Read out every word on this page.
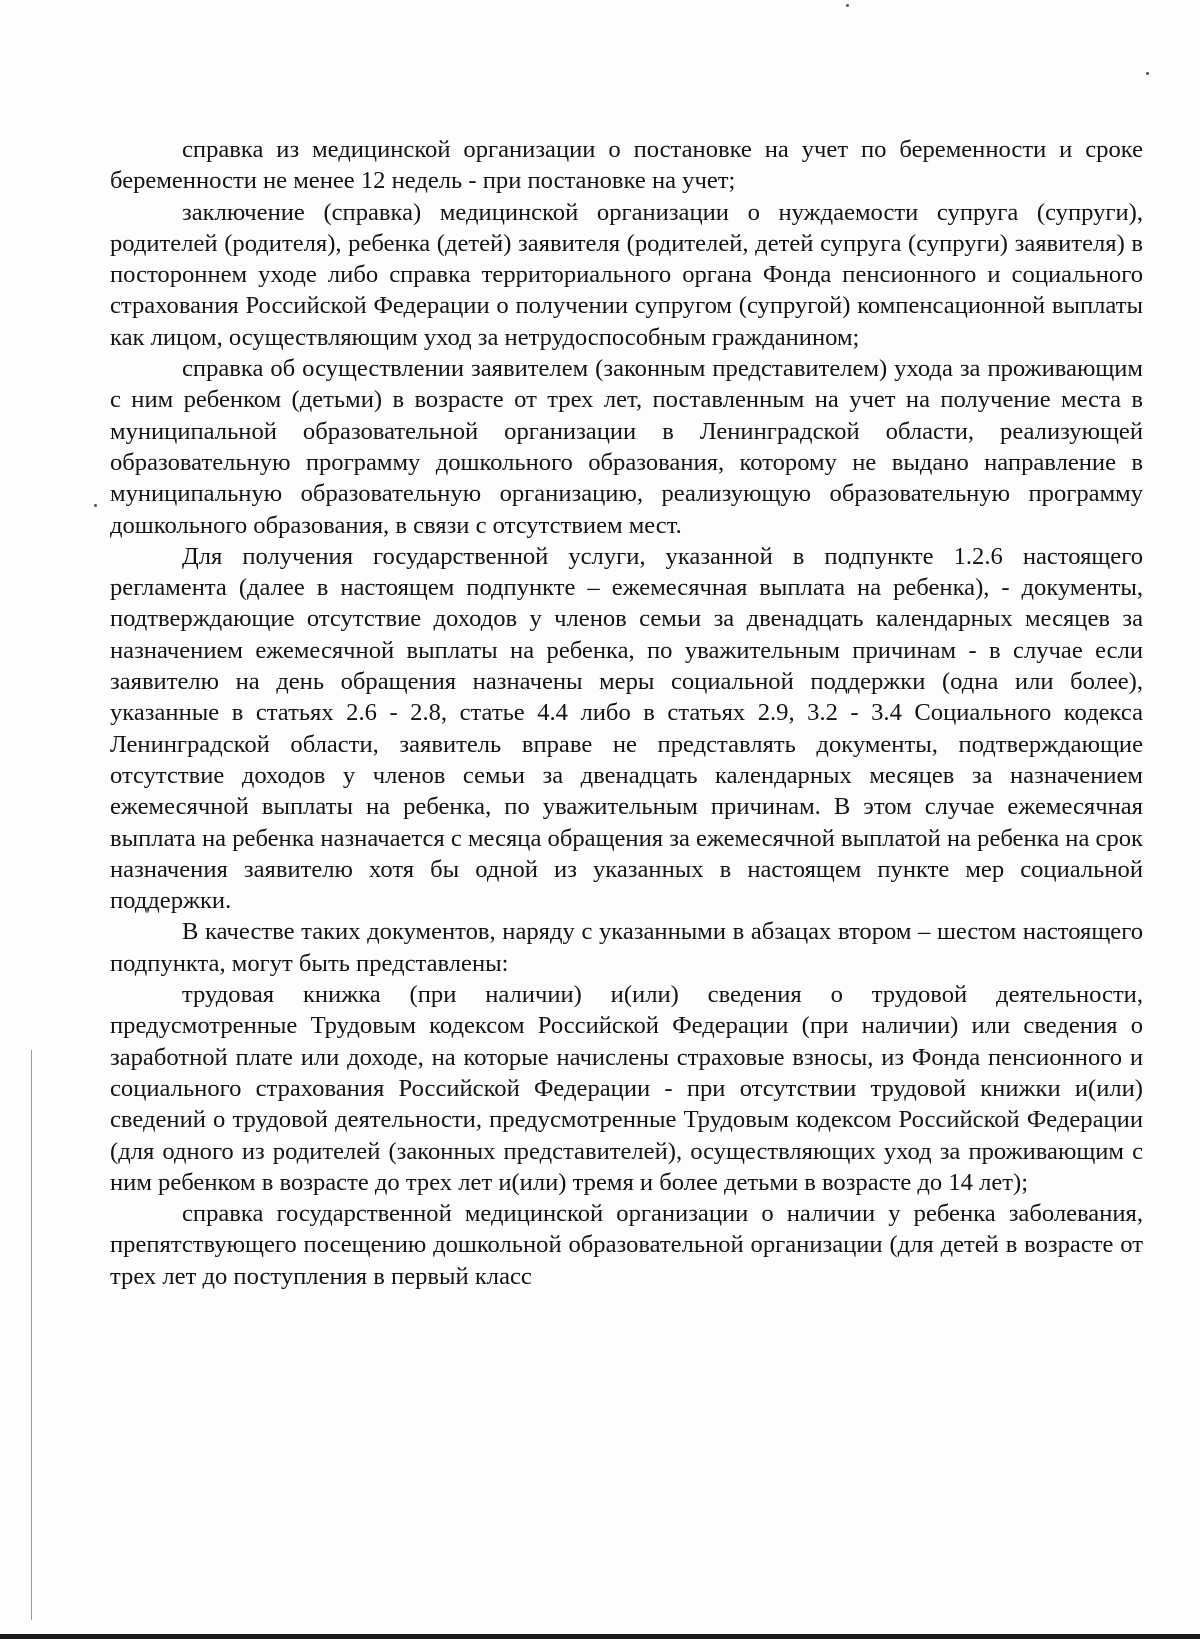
справка из медицинской организации о постановке на учет по беременности и сроке беременности не менее 12 недель - при постановке на учет;

заключение (справка) медицинской организации о нуждаемости супруга (супруги), родителей (родителя), ребенка (детей) заявителя (родителей, детей супруга (супруги) заявителя) в постороннем уходе либо справка территориального органа Фонда пенсионного и социального страхования Российской Федерации о получении супругом (супругой) компенсационной выплаты как лицом, осуществляющим уход за нетрудоспособным гражданином;

справка об осуществлении заявителем (законным представителем) ухода за проживающим с ним ребенком (детьми) в возрасте от трех лет, поставленным на учет на получение места в муниципальной образовательной организации в Ленинградской области, реализующей образовательную программу дошкольного образования, которому не выдано направление в муниципальную образовательную организацию, реализующую образовательную программу дошкольного образования, в связи с отсутствием мест.

Для получения государственной услуги, указанной в подпункте 1.2.6 настоящего регламента (далее в настоящем подпункте – ежемесячная выплата на ребенка), - документы, подтверждающие отсутствие доходов у членов семьи за двенадцать календарных месяцев за назначением ежемесячной выплаты на ребенка, по уважительным причинам - в случае если заявителю на день обращения назначены меры социальной поддержки (одна или более), указанные в статьях 2.6 - 2.8, статье 4.4 либо в статьях 2.9, 3.2 - 3.4 Социального кодекса Ленинградской области, заявитель вправе не представлять документы, подтверждающие отсутствие доходов у членов семьи за двенадцать календарных месяцев за назначением ежемесячной выплаты на ребенка, по уважительным причинам. В этом случае ежемесячная выплата на ребенка назначается с месяца обращения за ежемесячной выплатой на ребенка на срок назначения заявителю хотя бы одной из указанных в настоящем пункте мер социальной поддержки.

В качестве таких документов, наряду с указанными в абзацах втором – шестом настоящего подпункта, могут быть представлены:

трудовая книжка (при наличии) и(или) сведения о трудовой деятельности, предусмотренные Трудовым кодексом Российской Федерации (при наличии) или сведения о заработной плате или доходе, на которые начислены страховые взносы, из Фонда пенсионного и социального страхования Российской Федерации - при отсутствии трудовой книжки и(или) сведений о трудовой деятельности, предусмотренные Трудовым кодексом Российской Федерации (для одного из родителей (законных представителей), осуществляющих уход за проживающим с ним ребенком в возрасте до трех лет и(или) тремя и более детьми в возрасте до 14 лет);

справка государственной медицинской организации о наличии у ребенка заболевания, препятствующего посещению дошкольной образовательной организации (для детей в возрасте от трех лет до поступления в первый класс
